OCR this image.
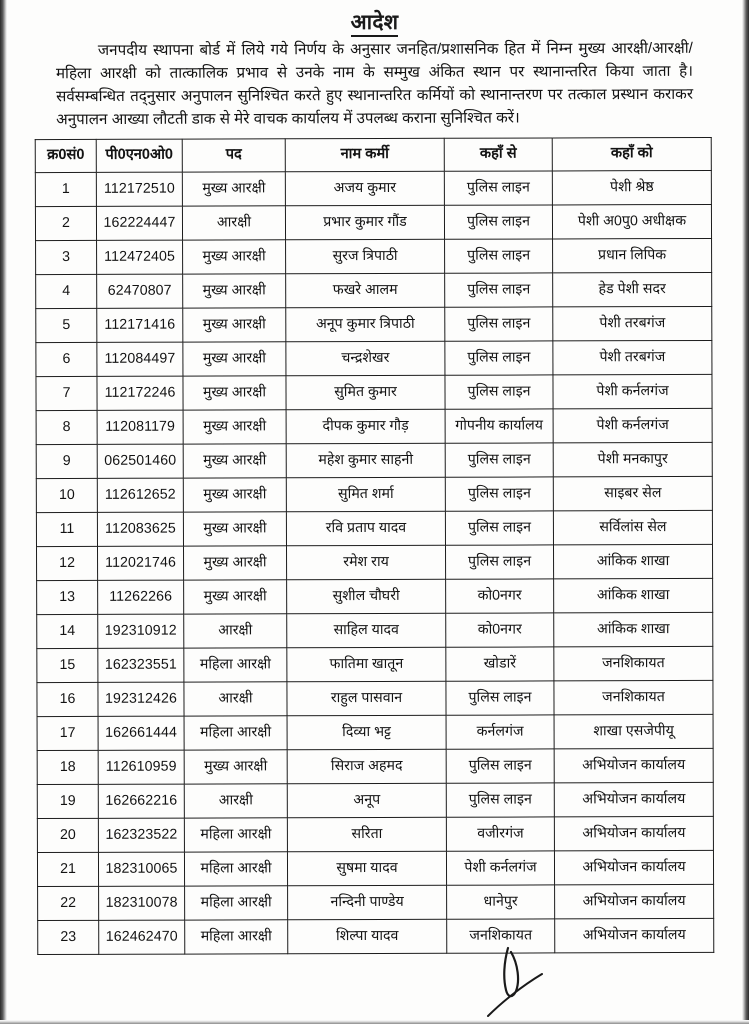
आदेश

जनपदीय स्थापना बोर्ड में लिये गये निर्णय के अनुसार जनहित/प्रशासनिक हित में निम्न मुख्य आरक्षी/आरक्षी/महिला आरक्षी को तात्कालिक प्रभाव से उनके नाम के सम्मुख अंकित स्थान पर स्थानान्तरित किया जाता है। सर्वसम्बन्धित तद्नुसार अनुपालन सुनिश्चित करते हुए स्थानान्तरित कर्मियों को स्थानान्तरण पर तत्काल प्रस्थान कराकर अनुपालन आख्या लौटती डाक से मेरे वाचक कार्यालय में उपलब्ध कराना सुनिश्चित करें।

क्र0सं0	पी0एन0ओ0	पद	नाम कर्मी	कहाँ से	कहाँ को
1	112172510	मुख्य आरक्षी	अजय कुमार	पुलिस लाइन	पेशी श्रेष्ठ
2	162224447	आरक्षी	प्रभार कुमार गौंड	पुलिस लाइन	पेशी अ0पु0 अधीक्षक
3	112472405	मुख्य आरक्षी	सुरज त्रिपाठी	पुलिस लाइन	प्रधान लिपिक
4	62470807	मुख्य आरक्षी	फखरे आलम	पुलिस लाइन	हेड पेशी सदर
5	112171416	मुख्य आरक्षी	अनूप कुमार त्रिपाठी	पुलिस लाइन	पेशी तरबगंज
6	112084497	मुख्य आरक्षी	चन्द्रशेखर	पुलिस लाइन	पेशी तरबगंज
7	112172246	मुख्य आरक्षी	सुमित कुमार	पुलिस लाइन	पेशी कर्नलगंज
8	112081179	मुख्य आरक्षी	दीपक कुमार गौड़	गोपनीय कार्यालय	पेशी कर्नलगंज
9	062501460	मुख्य आरक्षी	महेश कुमार साहनी	पुलिस लाइन	पेशी मनकापुर
10	112612652	मुख्य आरक्षी	सुमित शर्मा	पुलिस लाइन	साइबर सेल
11	112083625	मुख्य आरक्षी	रवि प्रताप यादव	पुलिस लाइन	सर्विलांस सेल
12	112021746	मुख्य आरक्षी	रमेश राय	पुलिस लाइन	आंकिक शाखा
13	11262266	मुख्य आरक्षी	सुशील चौघरी	को0नगर	आंकिक शाखा
14	192310912	आरक्षी	साहिल यादव	को0नगर	आंकिक शाखा
15	162323551	महिला आरक्षी	फातिमा खातून	खोडारें	जनशिकायत
16	192312426	आरक्षी	राहुल पासवान	पुलिस लाइन	जनशिकायत
17	162661444	महिला आरक्षी	दिव्या भट्ट	कर्नलगंज	शाखा एसजेपीयू
18	112610959	मुख्य आरक्षी	सिराज अहमद	पुलिस लाइन	अभियोजन कार्यालय
19	162662216	आरक्षी	अनूप	पुलिस लाइन	अभियोजन कार्यालय
20	162323522	महिला आरक्षी	सरिता	वजीरगंज	अभियोजन कार्यालय
21	182310065	महिला आरक्षी	सुषमा यादव	पेशी कर्नलगंज	अभियोजन कार्यालय
22	182310078	महिला आरक्षी	नन्दिनी पाण्डेय	धानेपुर	अभियोजन कार्यालय
23	162462470	महिला आरक्षी	शिल्पा यादव	जनशिकायत	अभियोजन कार्यालय
